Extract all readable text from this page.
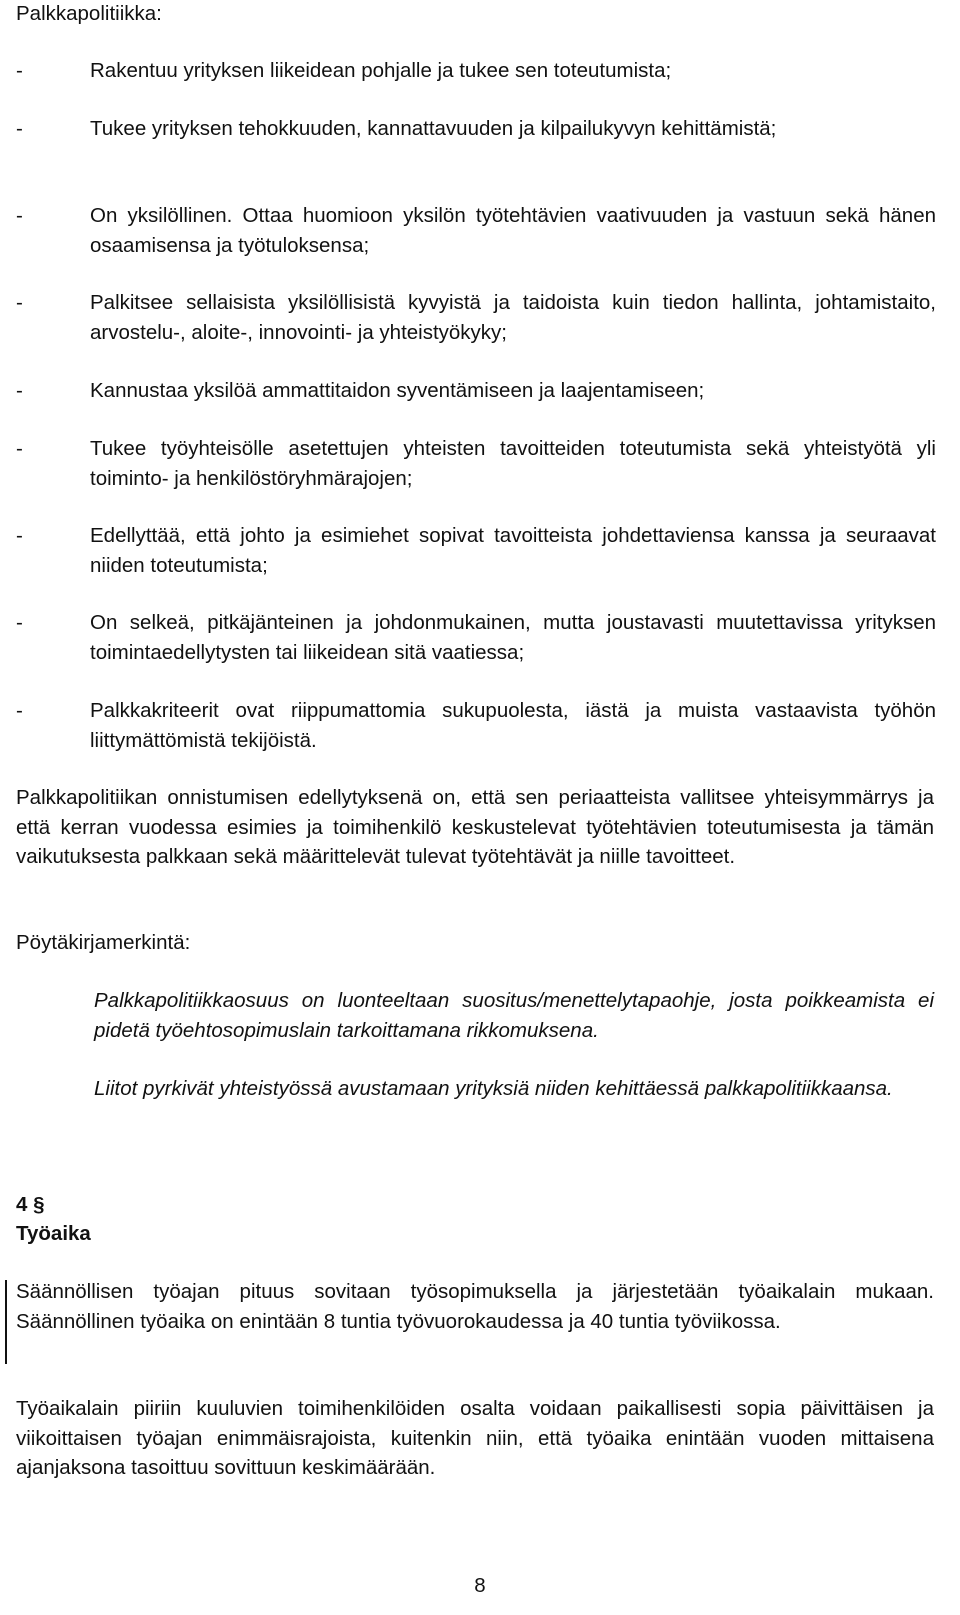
Palkkapolitiikka:
-	Rakentuu yrityksen liikeidean pohjalle ja tukee sen toteutumista;
-	Tukee yrityksen tehokkuuden, kannattavuuden ja kilpailukyvyn kehittämistä;
-	On yksilöllinen. Ottaa huomioon yksilön työtehtävien vaativuuden ja vastuun sekä hänen osaamisensa ja työtuloksensa;
-	Palkitsee sellaisista yksilöllisistä kyvyistä ja taidoista kuin tiedon hallinta, johtamistaito, arvostelu-, aloite-, innovointi- ja yhteistyökyky;
-	Kannustaa yksilöä ammattitaidon syventämiseen ja laajentamiseen;
-	Tukee työyhteisölle asetettujen yhteisten tavoitteiden toteutumista sekä yhteistyötä yli toiminto- ja henkilöstöryhmärajojen;
-	Edellyttää, että johto ja esimiehet sopivat tavoitteista johdettaviensa kanssa ja seuraavat niiden toteutumista;
-	On selkeä, pitkäjänteinen ja johdonmukainen, mutta joustavasti muutettavissa yrityksen toimintaedellytysten tai liikeidean sitä vaatiessa;
-	Palkkakriteerit ovat riippumattomia sukupuolesta, iästä ja muista vastaavista työhön liittymättömistä tekijöistä.
Palkkapolitiikan onnistumisen edellytyksenä on, että sen periaatteista vallitsee yhteisymmärrys ja että kerran vuodessa esimies ja toimihenkilö keskustelevat työtehtävien toteutumisesta ja tämän vaikutuksesta palkkaan sekä määrittelevät tulevat työtehtävät ja niille tavoitteet.
Pöytäkirjamerkintä:
Palkkapolitiikkaosuus on luonteeltaan suositus/menettelytapaohje, josta poikkeamista ei pidetä työehtosopimuslain tarkoittamana rikkomuksena.
Liitot pyrkivät yhteistyössä avustamaan yrityksiä niiden kehittäessä palkkapolitiikkaansa.
4 §
Työaika
Säännöllisen työajan pituus sovitaan työsopimuksella ja järjestetään työaikalain mukaan. Säännöllinen työaika on enintään 8 tuntia työvuorokaudessa ja 40 tuntia työviikossa.
Työaikalain piiriin kuuluvien toimihenkilöiden osalta voidaan paikallisesti sopia päivittäisen ja viikoittaisen työajan enimmäisrajoista, kuitenkin niin, että työaika enintään vuoden mittaisena ajanjaksona tasoittuu sovittuun keskimäärään.
8
